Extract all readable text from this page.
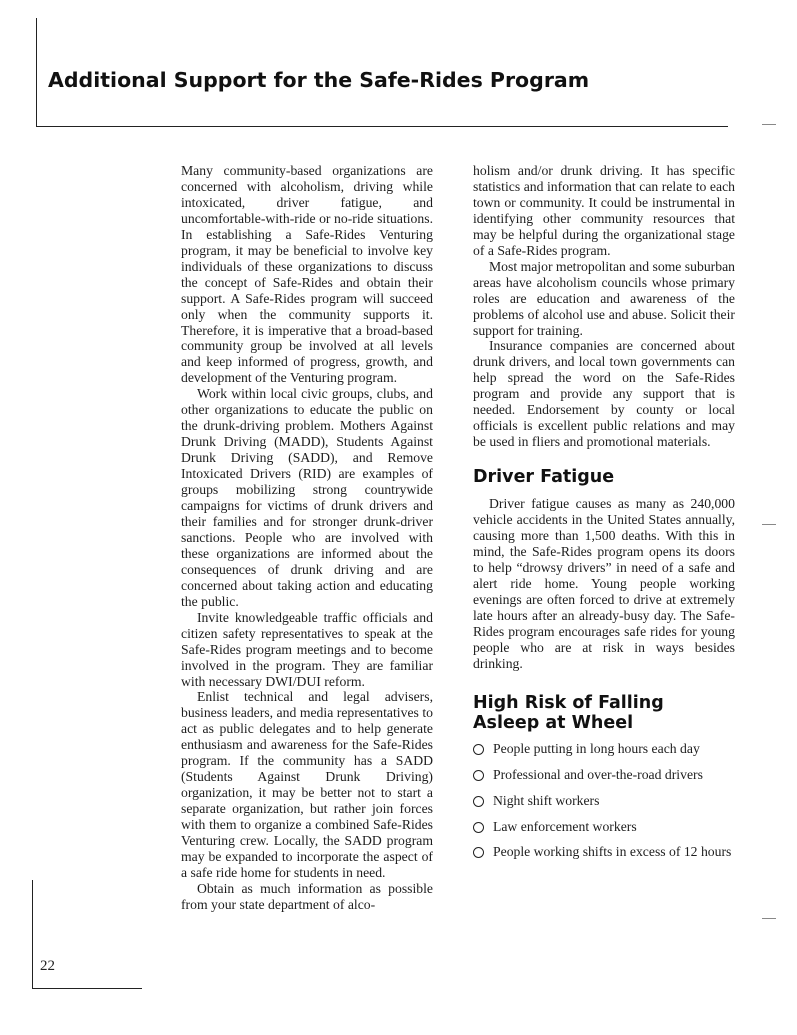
Additional Support for the Safe-Rides Program

Many community-based organizations are concerned with alcoholism, driving while intoxicated, driver fatigue, and uncomfortable-with-ride or no-ride situations. In establishing a Safe-Rides Venturing program, it may be beneficial to involve key individuals of these organizations to discuss the concept of Safe-Rides and obtain their support. A Safe-Rides program will succeed only when the community supports it. Therefore, it is imperative that a broad-based community group be involved at all levels and keep informed of progress, growth, and development of the Venturing program.

Work within local civic groups, clubs, and other organizations to educate the public on the drunk-driving problem. Mothers Against Drunk Driving (MADD), Students Against Drunk Driving (SADD), and Remove Intoxicated Drivers (RID) are examples of groups mobilizing strong countrywide campaigns for victims of drunk drivers and their families and for stronger drunk-driver sanctions. People who are involved with these organizations are informed about the consequences of drunk driving and are concerned about taking action and educating the public.

Invite knowledgeable traffic officials and citizen safety representatives to speak at the Safe-Rides program meetings and to become involved in the program. They are familiar with necessary DWI/DUI reform.

Enlist technical and legal advisers, business leaders, and media representatives to act as public delegates and to help generate enthusiasm and awareness for the Safe-Rides program. If the community has a SADD (Students Against Drunk Driving) organization, it may be better not to start a separate organization, but rather join forces with them to organize a combined Safe-Rides Venturing crew. Locally, the SADD program may be expanded to incorporate the aspect of a safe ride home for students in need.

Obtain as much information as possible from your state department of alco-

holism and/or drunk driving. It has specific statistics and information that can relate to each town or community. It could be instrumental in identifying other community resources that may be helpful during the organizational stage of a Safe-Rides program.

Most major metropolitan and some suburban areas have alcoholism councils whose primary roles are education and awareness of the problems of alcohol use and abuse. Solicit their support for training.

Insurance companies are concerned about drunk drivers, and local town governments can help spread the word on the Safe-Rides program and provide any support that is needed. Endorsement by county or local officials is excellent public relations and may be used in fliers and promotional materials.

Driver Fatigue

Driver fatigue causes as many as 240,000 vehicle accidents in the United States annually, causing more than 1,500 deaths. With this in mind, the Safe-Rides program opens its doors to help “drowsy drivers” in need of a safe and alert ride home. Young people working evenings are often forced to drive at extremely late hours after an already-busy day. The Safe-Rides program encourages safe rides for young people who are at risk in ways besides drinking.

High Risk of Falling
Asleep at Wheel
People putting in long hours each day
Professional and over-the-road drivers
Night shift workers
Law enforcement workers
People working shifts in excess of 12 hours
22
